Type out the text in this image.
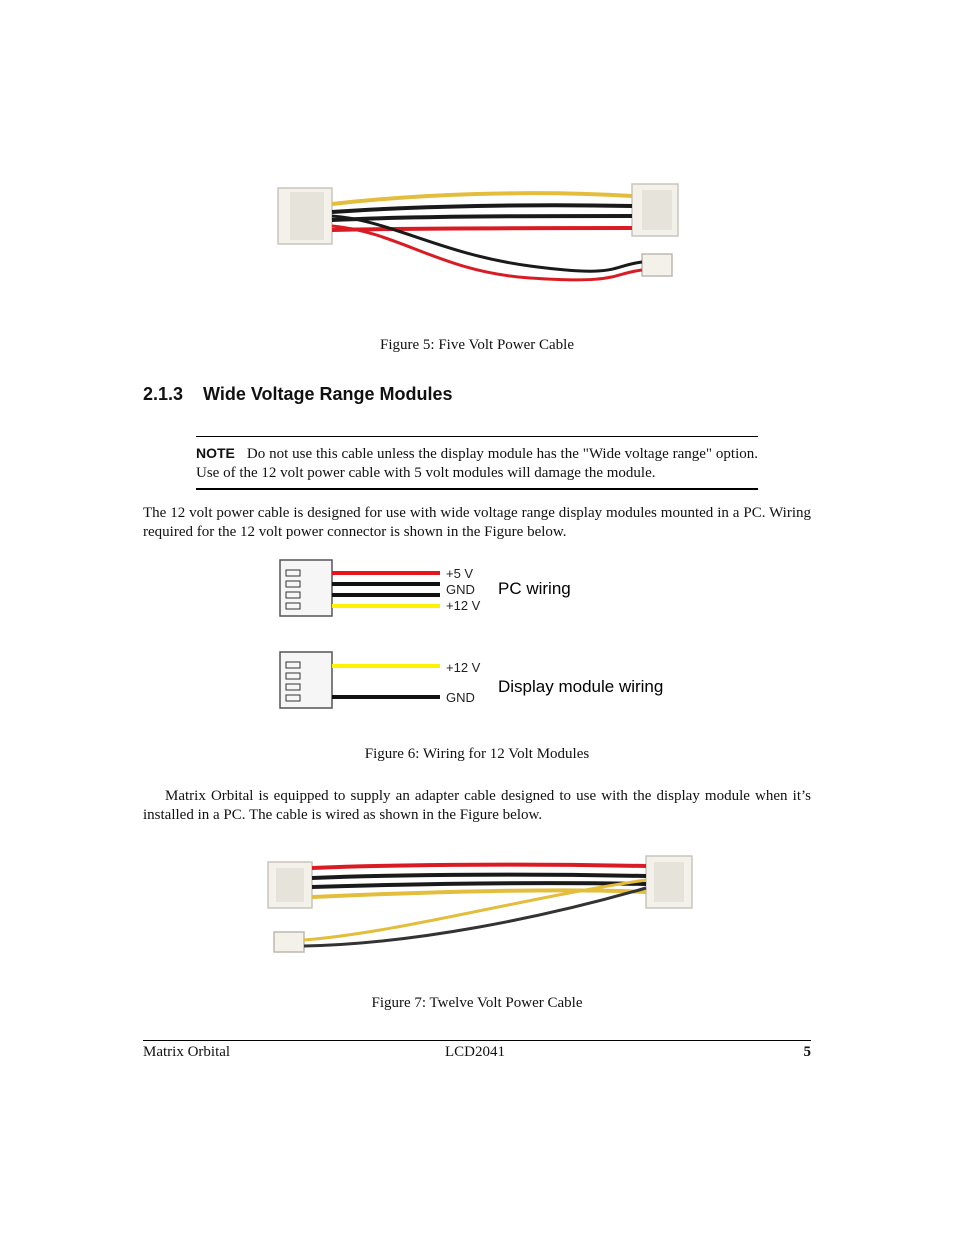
Figure 5: Five Volt Power Cable
2.1.3 Wide Voltage Range Modules
NOTE Do not use this cable unless the display module has the "Wide voltage range" option. Use of the 12 volt power cable with 5 volt modules will damage the module.
The 12 volt power cable is designed for use with wide voltage range display modules mounted in a PC. Wiring required for the 12 volt power connector is shown in the Figure below.
+5 V
GND
+12 V
PC wiring
+12 V
GND
Display module wiring
Figure 6: Wiring for 12 Volt Modules
Matrix Orbital is equipped to supply an adapter cable designed to use with the display module when it’s installed in a PC. The cable is wired as shown in the Figure below.
Figure 7: Twelve Volt Power Cable
Matrix Orbital	LCD2041	5
